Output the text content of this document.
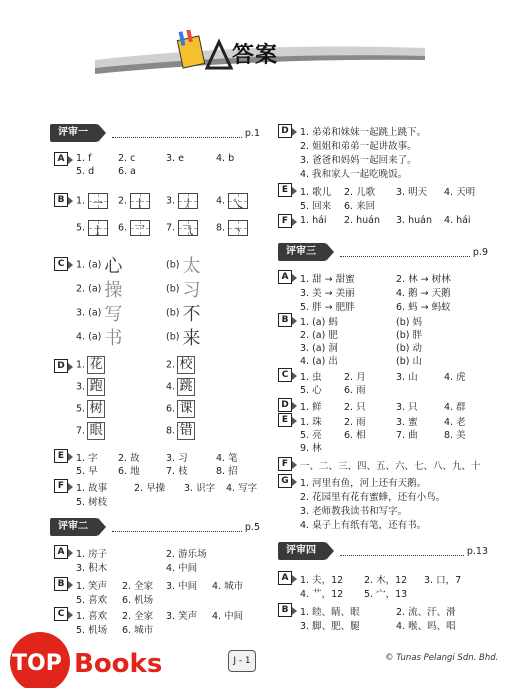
答案
评审一	p.1
A	1. f	2. c	3. e	4. b
5. d	6. a
B	1. 一 2. 丨 3. 丿 4. 乀
5. 亅 6. 乛 7. ⺄ 8. 丶
C	1. (a) 心	(b) 太
2. (a) 操	(b) 习
3. (a) 写	(b) 不
4. (a) 书	(b) 来
D	1. 花	2. 校
3. 跑	4. 跳
5. 树	6. 课
7. 眼	8. 错
E	1. 字 2. 故	3. 习	4. 笔
5. 早 6. 地	7. 枝	8. 招
F	1. 故事	2. 早操 3. 识字 4. 写字
5. 树枝
评审二	p.5
A	1. 房子	2. 游乐场
3. 积木	4. 中间
B	1. 笑声 2. 全家 3. 中间 4. 城市
5. 喜欢 6. 机场
C	1. 喜欢 2. 全家 3. 笑声 4. 中间
5. 机场 6. 城市
D	1. 弟弟和妹妹一起跳上跳下。
2. 姐姐和弟弟一起讲故事。
3. 爸爸和妈妈一起回来了。
4. 我和家人一起吃晚饭。
E	1. 歌儿 2. 儿歌 3. 明天 4. 天明
5. 回来 6. 来回
F	1. hái 2. huán 3. huán 4. hái
评审三	p.9
A	1. 甜 → 甜蜜	2. 林 → 树林
3. 美 → 美丽	4. 鹅 → 天鹅
5. 胖 → 肥胖	6. 蚂 → 蚂蚁
B	1. (a) 蚂	(b) 妈
2. (a) 肥	(b) 胖
3. (a) 洞	(b) 动
4. (a) 出	(b) 山
C	1. 虫 2. 月	3. 山	4. 虎
5. 心 6. 雨
D	1. 鲜 2. 只	3. 只	4. 群
E	1. 珠 2. 雨	3. 蜜	4. 老
5. 亮 6. 相	7. 曲	8. 美
9. 林
F	一、二、三、四、五、六、七、八、九、十
G	1. 河里有鱼，河上还有天鹅。
2. 花园里有花有蜜蜂，还有小鸟。
3. 老师教我读书和写字。
4. 桌子上有纸有笔，还有书。
评审四	p.13
A	1. 夫，12 2. 木，12 3. 口，7
4. 艹，12 5. 宀，13
B	1. 睦、睛、眼	2. 流、汗、滑
3. 脚、肥、腿	4. 喉、吗、唱
TOP Books	J - 1	© Tunas Pelangi Sdn. Bhd.
